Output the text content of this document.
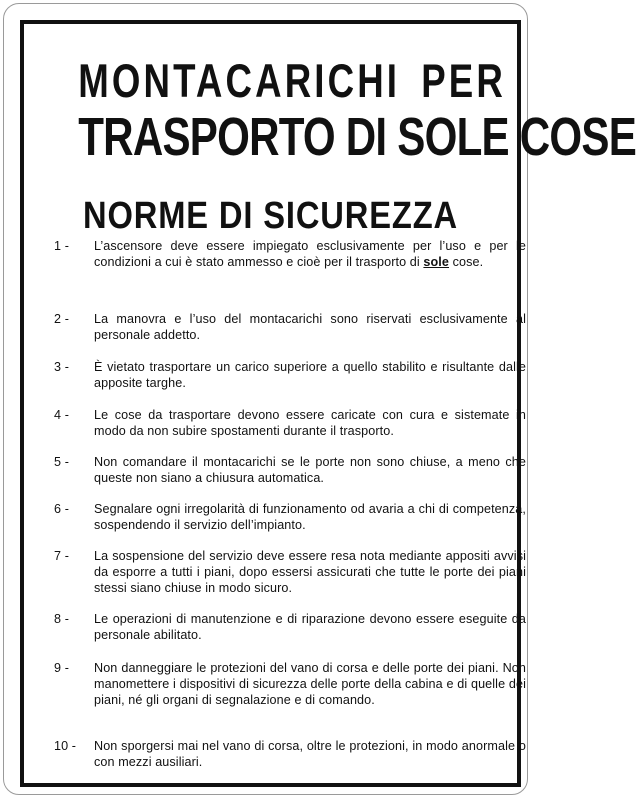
MONTACARICHI PER
TRASPORTO DI SOLE COSE
NORME DI SICUREZZA
1 -	L’ascensore deve essere impiegato esclusivamente per l’uso e per le condizioni a cui è stato ammesso e cioè per il trasporto di sole cose.
2 -	La manovra e l’uso del montacarichi sono riservati esclusivamente al personale addetto.
3 -	È vietato trasportare un carico superiore a quello stabilito e risultante dalle apposite targhe.
4 -	Le cose da trasportare devono essere caricate con cura e sistemate in modo da non subire spostamenti durante il trasporto.
5 -	Non comandare il montacarichi se le porte non sono chiuse, a meno che queste non siano a chiusura automatica.
6 -	Segnalare ogni irregolarità di funzionamento od avaria a chi di competenza, sospendendo il servizio dell’impianto.
7 -	La sospensione del servizio deve essere resa nota mediante appositi avvisi da esporre a tutti i piani, dopo essersi assicurati che tutte le porte dei piani stessi siano chiuse in modo sicuro.
8 -	Le operazioni di manutenzione e di riparazione devono essere eseguite da personale abilitato.
9 -	Non danneggiare le protezioni del vano di corsa e delle porte dei piani. Non manomettere i dispositivi di sicurezza delle porte della cabina e di quelle dei piani, né gli organi di segnalazione e di comando.
10 -	Non sporgersi mai nel vano di corsa, oltre le protezioni, in modo anormale o con mezzi ausiliari.
